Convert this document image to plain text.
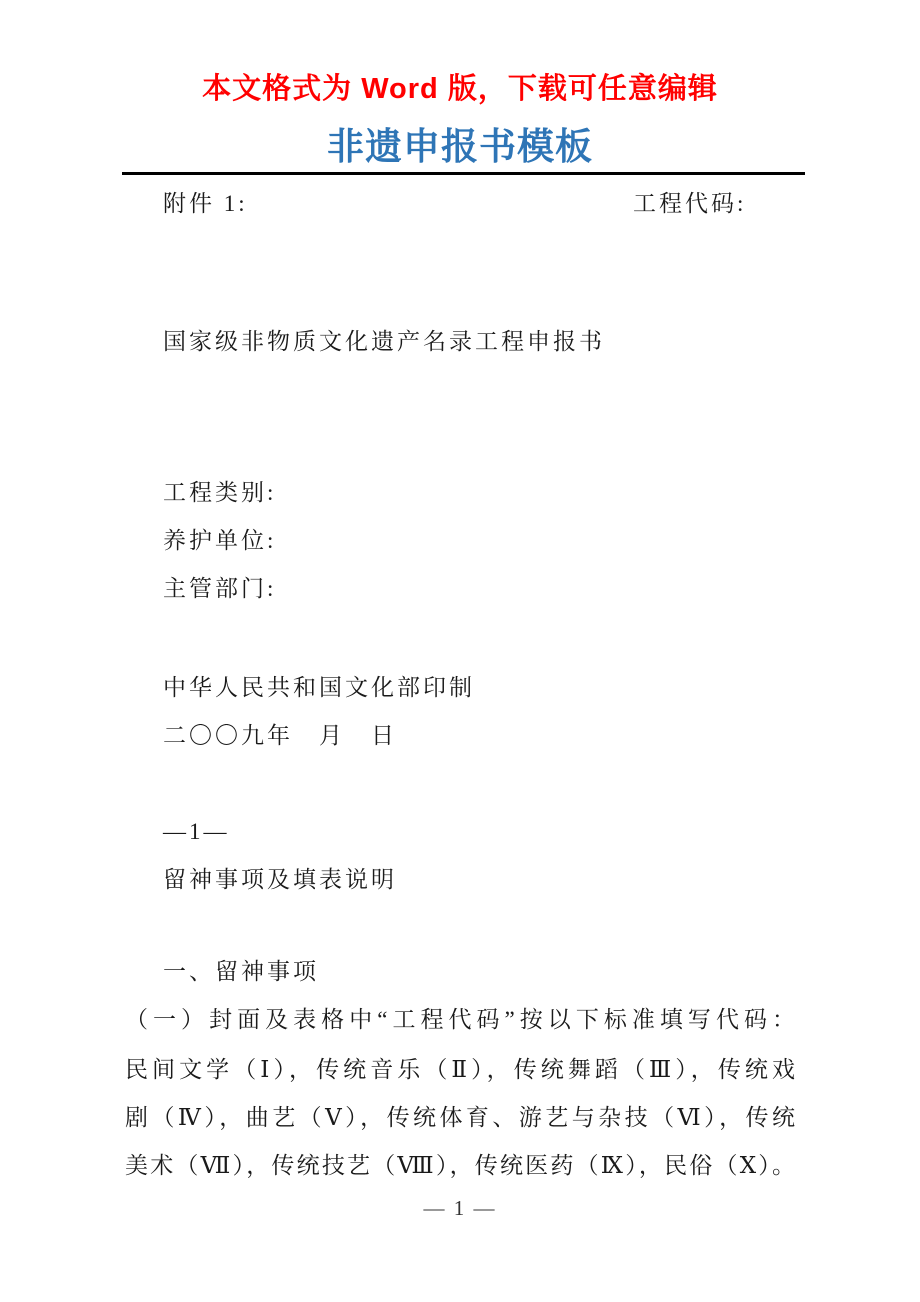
本文格式为 Word 版，下载可任意编辑
非遗申报书模板
附件 1:	工程代码:
国家级非物质文化遗产名录工程申报书
工程类别:
养护单位:
主管部门:
中华人民共和国文化部印制
二〇〇九年　月　日
—1—
留神事项及填表说明
一、留神事项
（一）封面及表格中“工程代码”按以下标准填写代码：
民间文学（Ⅰ），传统音乐（Ⅱ），传统舞蹈（Ⅲ），传统戏
剧（Ⅳ），曲艺（Ⅴ），传统体育、游艺与杂技（Ⅵ），传统
美术（Ⅶ），传统技艺（Ⅷ），传统医药（Ⅸ），民俗（Ⅹ）。
— 1 —
